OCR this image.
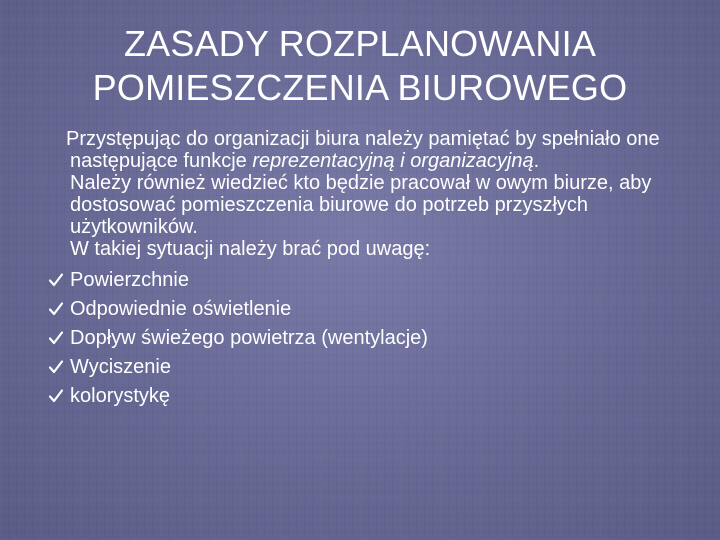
ZASADY ROZPLANOWANIA
POMIESZCZENIA BIUROWEGO

Przystępując do organizacji biura należy pamiętać by spełniało one następujące funkcje reprezentacyjną i organizacyjną.

Należy również wiedzieć kto będzie pracował w owym biurze, aby dostosować pomieszczenia biurowe do potrzeb przyszłych użytkowników.

W takiej sytuacji należy brać pod uwagę:

Powierzchnie
Odpowiednie oświetlenie
Dopływ świeżego powietrza (wentylacje)
Wyciszenie
kolorystykę
